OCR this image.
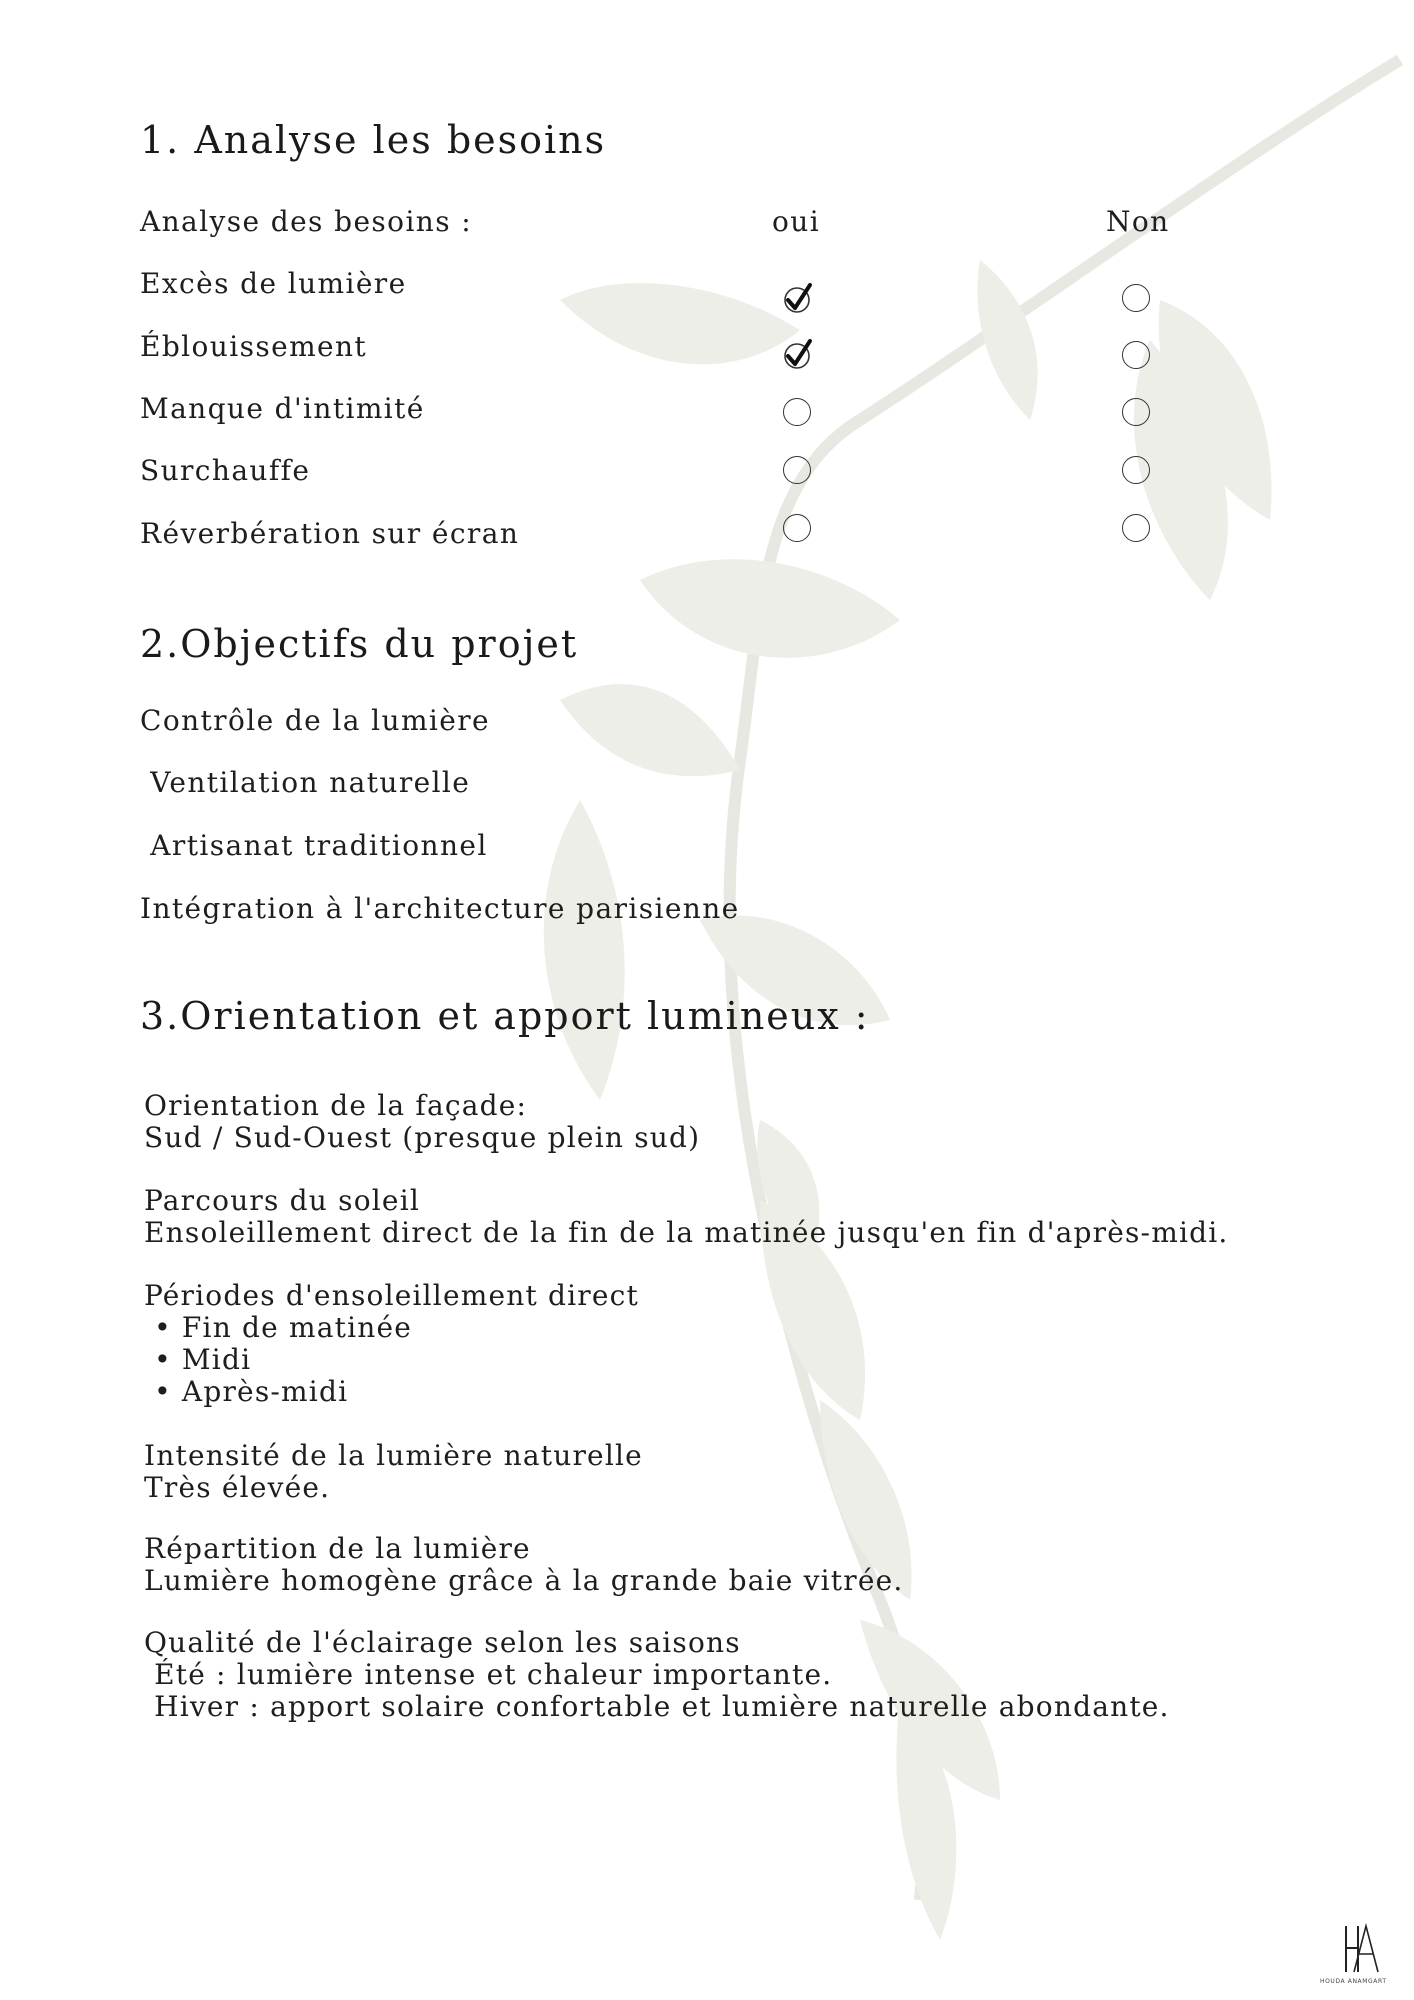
1. Analyse les besoins
Analyse des besoins :	oui	Non
Excès de lumière
Éblouissement
Manque d'intimité
Surchauffe
Réverbération sur écran
2.Objectifs du projet
Contrôle de la lumière
Ventilation naturelle
Artisanat traditionnel
Intégration à l'architecture parisienne
3.Orientation et apport lumineux :
Orientation de la façade:
Sud / Sud-Ouest (presque plein sud)
Parcours du soleil
Ensoleillement direct de la fin de la matinée jusqu'en fin d'après-midi.
Périodes d'ensoleillement direct
• Fin de matinée
• Midi
• Après-midi
Intensité de la lumière naturelle
Très élevée.
Répartition de la lumière
Lumière homogène grâce à la grande baie vitrée.
Qualité de l'éclairage selon les saisons
Été : lumière intense et chaleur importante.
Hiver : apport solaire confortable et lumière naturelle abondante.
HOUDA ANAMGART
